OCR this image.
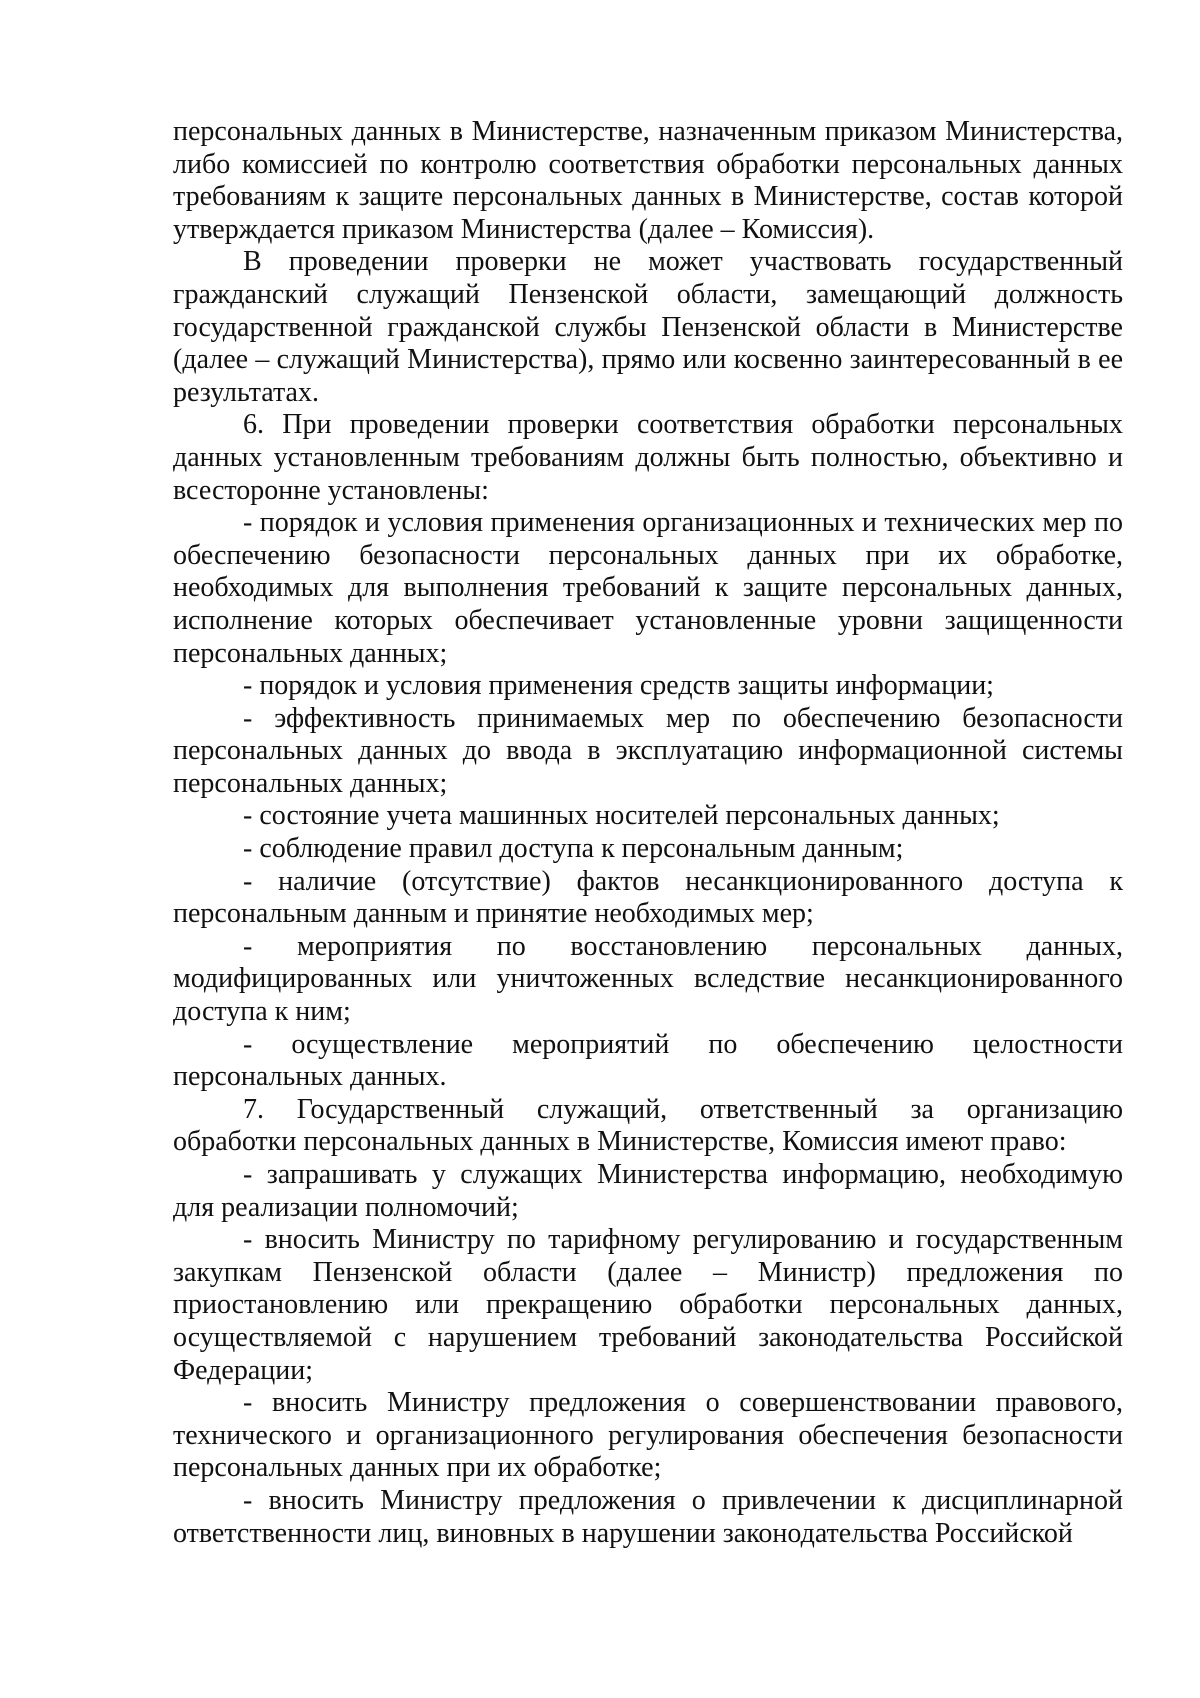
персональных данных в Министерстве, назначенным приказом Министерства, либо комиссией по контролю соответствия обработки персональных данных требованиям к защите персональных данных в Министерстве, состав которой утверждается приказом Министерства (далее – Комиссия).

В проведении проверки не может участвовать государственный гражданский служащий Пензенской области, замещающий должность государственной гражданской службы Пензенской области в Министерстве (далее – служащий Министерства), прямо или косвенно заинтересованный в ее результатах.

6. При проведении проверки соответствия обработки персональных данных установленным требованиям должны быть полностью, объективно и всесторонне установлены:

- порядок и условия применения организационных и технических мер по обеспечению безопасности персональных данных при их обработке, необходимых для выполнения требований к защите персональных данных, исполнение которых обеспечивает установленные уровни защищенности персональных данных;

- порядок и условия применения средств защиты информации;

- эффективность принимаемых мер по обеспечению безопасности персональных данных до ввода в эксплуатацию информационной системы персональных данных;

- состояние учета машинных носителей персональных данных;

- соблюдение правил доступа к персональным данным;

- наличие (отсутствие) фактов несанкционированного доступа к персональным данным и принятие необходимых мер;

- мероприятия по восстановлению персональных данных, модифицированных или уничтоженных вследствие несанкционированного доступа к ним;

- осуществление мероприятий по обеспечению целостности персональных данных.

7. Государственный служащий, ответственный за организацию обработки персональных данных в Министерстве, Комиссия имеют право:

- запрашивать у служащих Министерства информацию, необходимую для реализации полномочий;

- вносить Министру по тарифному регулированию и государственным закупкам Пензенской области (далее – Министр) предложения по приостановлению или прекращению обработки персональных данных, осуществляемой с нарушением требований законодательства Российской Федерации;

- вносить Министру предложения о совершенствовании правового, технического и организационного регулирования обеспечения безопасности персональных данных при их обработке;

- вносить Министру предложения о привлечении к дисциплинарной ответственности лиц, виновных в нарушении законодательства Российской
